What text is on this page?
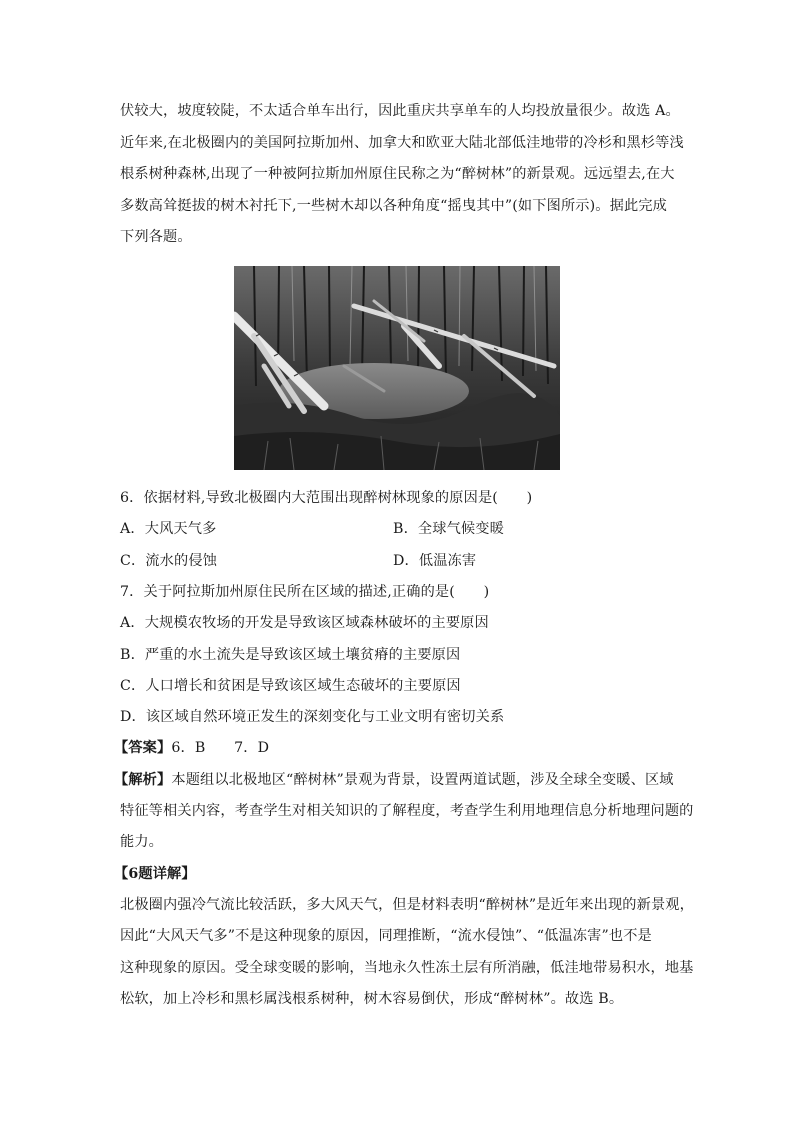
伏较大，坡度较陡，不太适合单车出行，因此重庆共享单车的人均投放量很少。故选 A。
近年来,在北极圈内的美国阿拉斯加州、加拿大和欧亚大陆北部低洼地带的冷杉和黑杉等浅
根系树种森林,出现了一种被阿拉斯加州原住民称之为“醉树林”的新景观。远远望去,在大
多数高耸挺拔的树木衬托下,一些树木却以各种角度“摇曳其中”(如下图所示)。据此完成
下列各题。
6．依据材料,导致北极圈内大范围出现醉树林现象的原因是(　　)
A．大风天气多	B．全球气候变暖
C．流水的侵蚀	D．低温冻害
7．关于阿拉斯加州原住民所在区域的描述,正确的是(　　)
A．大规模农牧场的开发是导致该区域森林破坏的主要原因
B．严重的水土流失是导致该区域土壤贫瘠的主要原因
C．人口增长和贫困是导致该区域生态破坏的主要原因
D．该区域自然环境正发生的深刻变化与工业文明有密切关系
【答案】6．B　　7．D
【解析】本题组以北极地区“醉树林”景观为背景，设置两道试题，涉及全球全变暖、区域
特征等相关内容，考查学生对相关知识的了解程度，考查学生利用地理信息分析地理问题的
能力。
【6题详解】
北极圈内强冷气流比较活跃，多大风天气，但是材料表明“醉树林”是近年来出现的新景观，
因此“大风天气多”不是这种现象的原因，同理推断，“流水侵蚀”、“低温冻害”也不是
这种现象的原因。受全球变暖的影响，当地永久性冻土层有所消融，低洼地带易积水，地基
松软，加上冷杉和黑杉属浅根系树种，树木容易倒伏，形成“醉树林”。故选 B。
